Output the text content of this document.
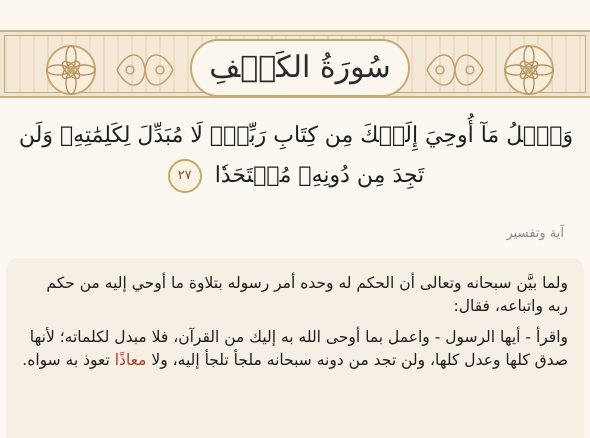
سُورَةُ الكَهۡفِ
وَٱتۡلُ مَآ أُوحِيَ إِلَيۡكَ مِن كِتَابِ رَبِّكَۖ لَا مُبَدِّلَ لِكَلِمَٰتِهِۦ وَلَن تَجِدَ مِن دُونِهِۦ مُلۡتَحَدٗا ٢٧
آية وتفسير

ولما بيَّن سبحانه وتعالى أن الحكم له وحده أمر رسوله بتلاوة ما أوحي إليه من حكم ربه واتباعه، فقال:

واقرأ - أيها الرسول - واعمل بما أوحى الله به إليك من القرآن، فلا مبدل لكلماته؛ لأنها صدق كلها وعدل كلها، ولن تجد من دونه سبحانه ملجأ تلجأ إليه، ولا معاذًا تعوذ به سواه.
